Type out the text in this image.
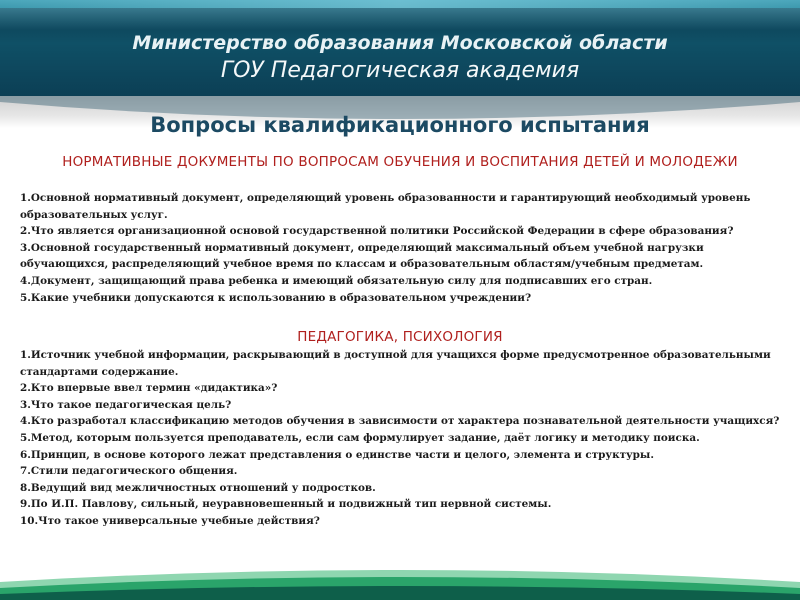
Министерство образования Московской области
ГОУ Педагогическая академия
Вопросы квалификационного испытания
НОРМАТИВНЫЕ ДОКУМЕНТЫ ПО ВОПРОСАМ ОБУЧЕНИЯ И ВОСПИТАНИЯ ДЕТЕЙ И МОЛОДЕЖИ
1.Основной нормативный документ, определяющий уровень образованности и гарантирующий необходимый уровень образовательных услуг.
2.Что является организационной основой государственной политики Российской Федерации в сфере образования?
3.Основной государственный нормативный документ, определяющий максимальный объем учебной нагрузки обучающихся, распределяющий учебное время по классам и образовательным областям/учебным предметам.
4.Документ, защищающий права ребенка и имеющий обязательную силу для подписавших его стран.
5.Какие учебники допускаются к использованию в образовательном учреждении?
ПЕДАГОГИКА, ПСИХОЛОГИЯ
1.Источник учебной информации, раскрывающий в доступной для учащихся форме предусмотренное образовательными стандартами содержание.
2.Кто впервые ввел термин «дидактика»?
3.Что такое педагогическая цель?
4.Кто разработал классификацию методов обучения в зависимости от характера познавательной деятельности учащихся?
5.Метод, которым пользуется преподаватель, если сам формулирует задание, даёт логику и методику поиска.
6.Принцип, в основе которого лежат представления о единстве части и целого, элемента и структуры.
7.Стили педагогического общения.
8.Ведущий вид межличностных отношений у подростков.
9.По И.П. Павлову, сильный, неуравновешенный и подвижный тип нервной системы.
10.Что такое универсальные учебные действия?
